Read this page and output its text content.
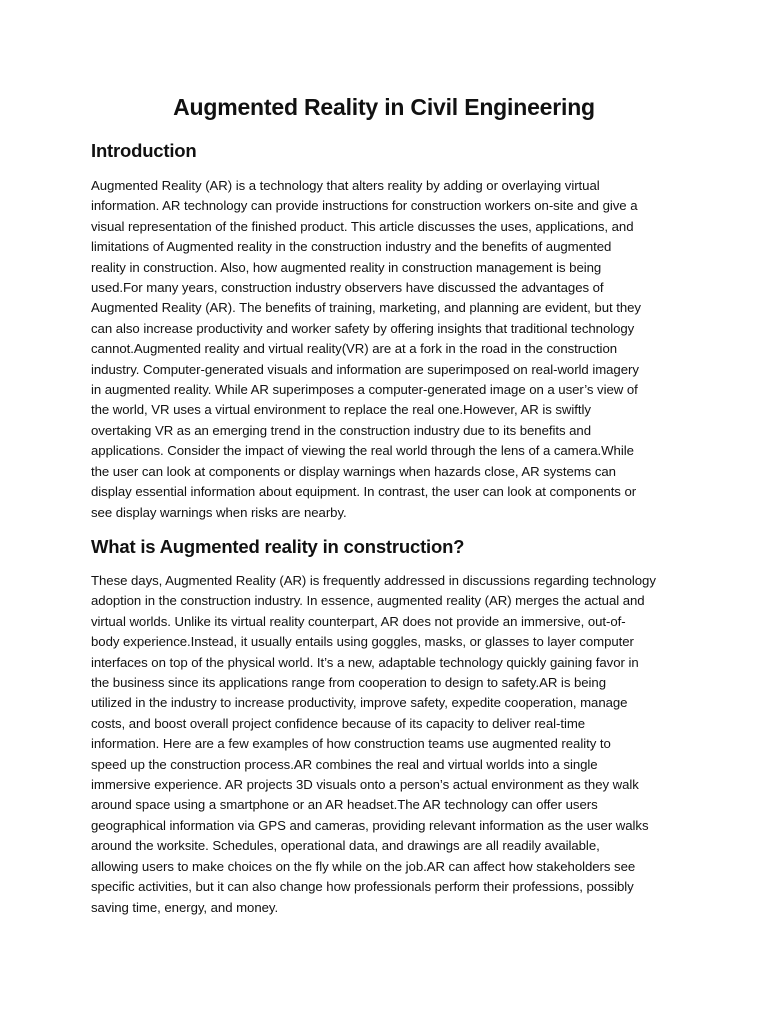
Augmented Reality in Civil Engineering
Introduction
Augmented Reality (AR) is a technology that alters reality by adding or overlaying virtual
information. AR technology can provide instructions for construction workers on-site and give a
visual representation of the finished product. This article discusses the uses, applications, and
limitations of Augmented reality in the construction industry and the benefits of augmented
reality in construction. Also, how augmented reality in construction management is being
used.For many years, construction industry observers have discussed the advantages of
Augmented Reality (AR). The benefits of training, marketing, and planning are evident, but they
can also increase productivity and worker safety by offering insights that traditional technology
cannot.Augmented reality and virtual reality(VR) are at a fork in the road in the construction
industry. Computer-generated visuals and information are superimposed on real-world imagery
in augmented reality. While AR superimposes a computer-generated image on a user’s view of
the world, VR uses a virtual environment to replace the real one.However, AR is swiftly
overtaking VR as an emerging trend in the construction industry due to its benefits and
applications. Consider the impact of viewing the real world through the lens of a camera.While
the user can look at components or display warnings when hazards close, AR systems can
display essential information about equipment. In contrast, the user can look at components or
see display warnings when risks are nearby.
What is Augmented reality in construction?
These days, Augmented Reality (AR) is frequently addressed in discussions regarding technology
adoption in the construction industry. In essence, augmented reality (AR) merges the actual and
virtual worlds. Unlike its virtual reality counterpart, AR does not provide an immersive, out-of-
body experience.Instead, it usually entails using goggles, masks, or glasses to layer computer
interfaces on top of the physical world. It’s a new, adaptable technology quickly gaining favor in
the business since its applications range from cooperation to design to safety.AR is being
utilized in the industry to increase productivity, improve safety, expedite cooperation, manage
costs, and boost overall project confidence because of its capacity to deliver real-time
information. Here are a few examples of how construction teams use augmented reality to
speed up the construction process.AR combines the real and virtual worlds into a single
immersive experience. AR projects 3D visuals onto a person’s actual environment as they walk
around space using a smartphone or an AR headset.The AR technology can offer users
geographical information via GPS and cameras, providing relevant information as the user walks
around the worksite. Schedules, operational data, and drawings are all readily available,
allowing users to make choices on the fly while on the job.AR can affect how stakeholders see
specific activities, but it can also change how professionals perform their professions, possibly
saving time, energy, and money.
